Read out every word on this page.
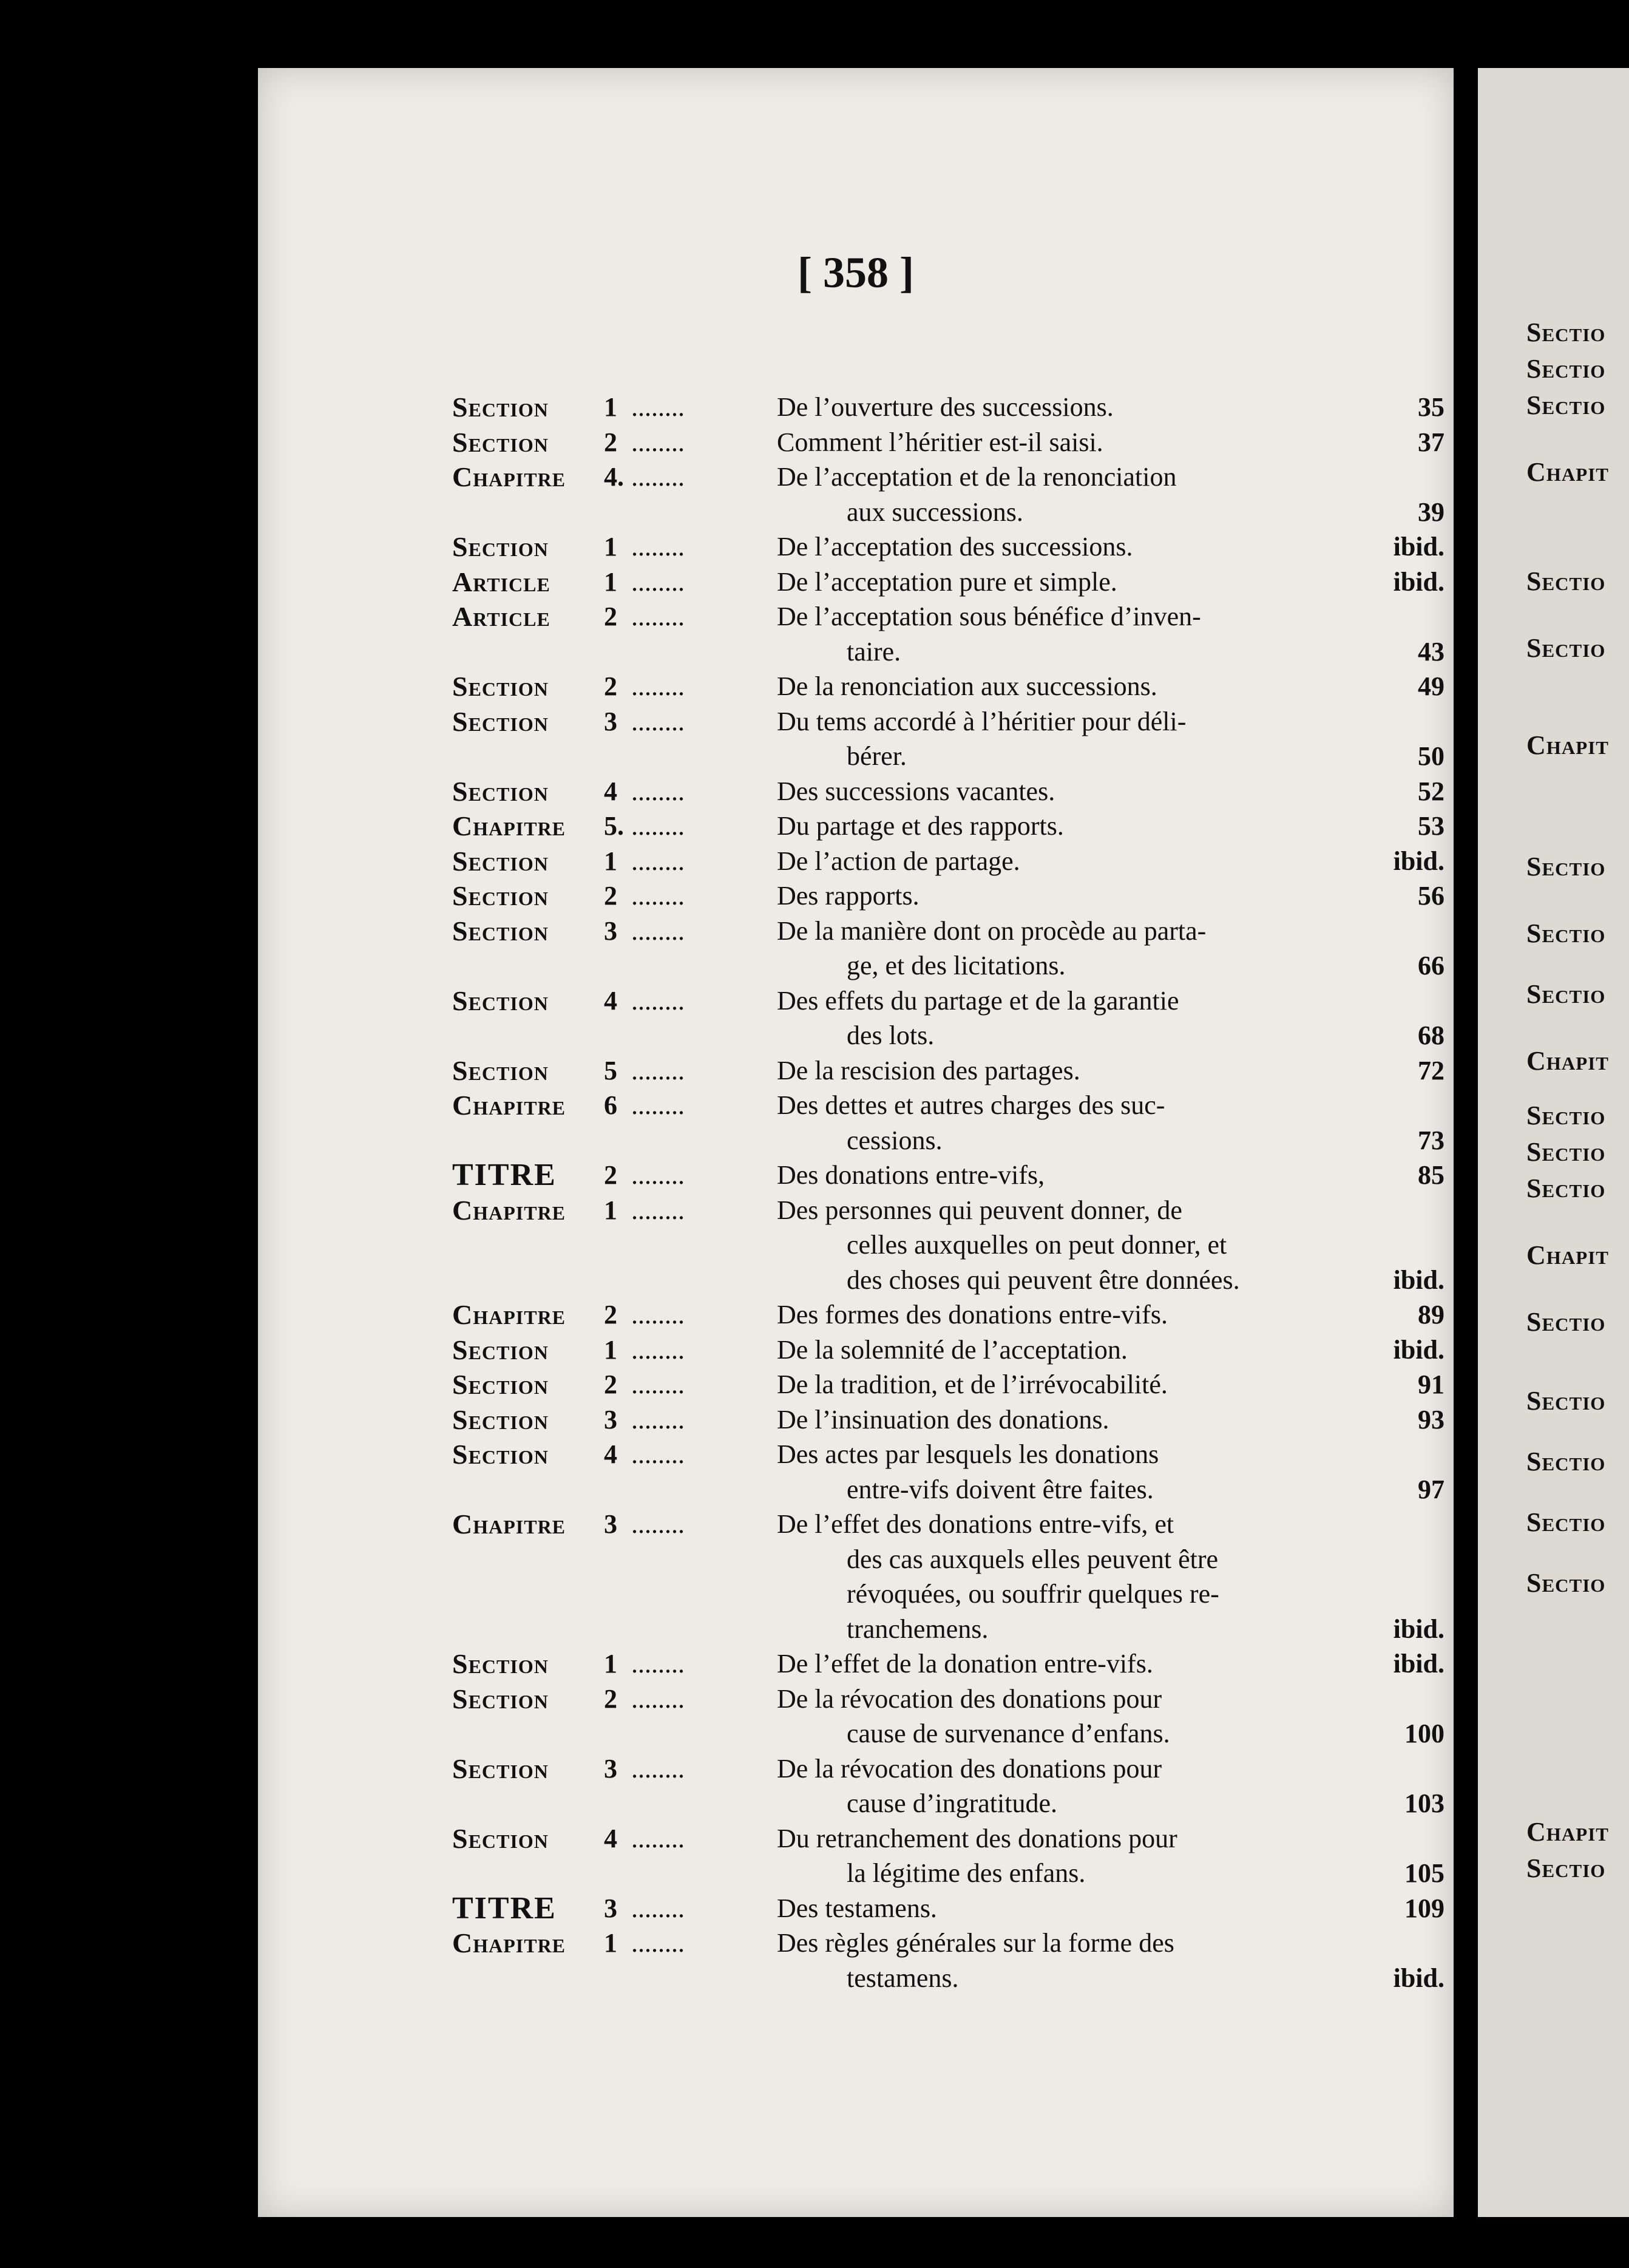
[ 358 ]
Section 1 ........	De l’ouverture des successions.	35
Section 2 ........	Comment l’héritier est-il saisi.	37
Chapitre 4. ........	De l’acceptation et de la renonciation
aux successions.	39
Section 1 ........	De l’acceptation des successions.	ibid.
Article 1 ........	De l’acceptation pure et simple.	ibid.
Article 2 ........	De l’acceptation sous bénéfice d’inven-
taire.	43
Section 2 ........	De la renonciation aux successions.	49
Section 3 ........	Du tems accordé à l’héritier pour déli-
bérer.	50
Section 4 ........	Des successions vacantes.	52
Chapitre 5. ........	Du partage et des rapports.	53
Section 1 ........	De l’action de partage.	ibid.
Section 2 ........	Des rapports.	56
Section 3 ........	De la manière dont on procède au parta-
ge, et des licitations.	66
Section 4 ........	Des effets du partage et de la garantie
des lots.	68
Section 5 ........	De la rescision des partages.	72
Chapitre 6 ........	Des dettes et autres charges des suc-
cessions.	73
TITRE 2 ........	Des donations entre-vifs,	85
Chapitre 1 ........	Des personnes qui peuvent donner, de
celles auxquelles on peut donner, et
des choses qui peuvent être données.	ibid.
Chapitre 2 ........	Des formes des donations entre-vifs.	89
Section 1 ........	De la solemnité de l’acceptation.	ibid.
Section 2 ........	De la tradition, et de l’irrévocabilité.	91
Section 3 ........	De l’insinuation des donations.	93
Section 4 ........	Des actes par lesquels les donations
entre-vifs doivent être faites.	97
Chapitre 3 ........	De l’effet des donations entre-vifs, et
des cas auxquels elles peuvent être
révoquées, ou souffrir quelques re-
tranchemens.	ibid.
Section 1 ........	De l’effet de la donation entre-vifs.	ibid.
Section 2 ........	De la révocation des donations pour
cause de survenance d’enfans.	100
Section 3 ........	De la révocation des donations pour
cause d’ingratitude.	103
Section 4 ........	Du retranchement des donations pour
la légitime des enfans.	105
TITRE 3 ........	Des testamens.	109
Chapitre 1 ........	Des règles générales sur la forme des
testamens.	ibid.
Sectio
Sectio
Sectio
Chapit
Sectio
Sectio
Chapit
Sectio
Sectio
Sectio
Chapit
Sectio
Sectio
Sectio
Chapit
Sectio
Sectio
Sectio
Sectio
Sectio
Chapit
Sectio
